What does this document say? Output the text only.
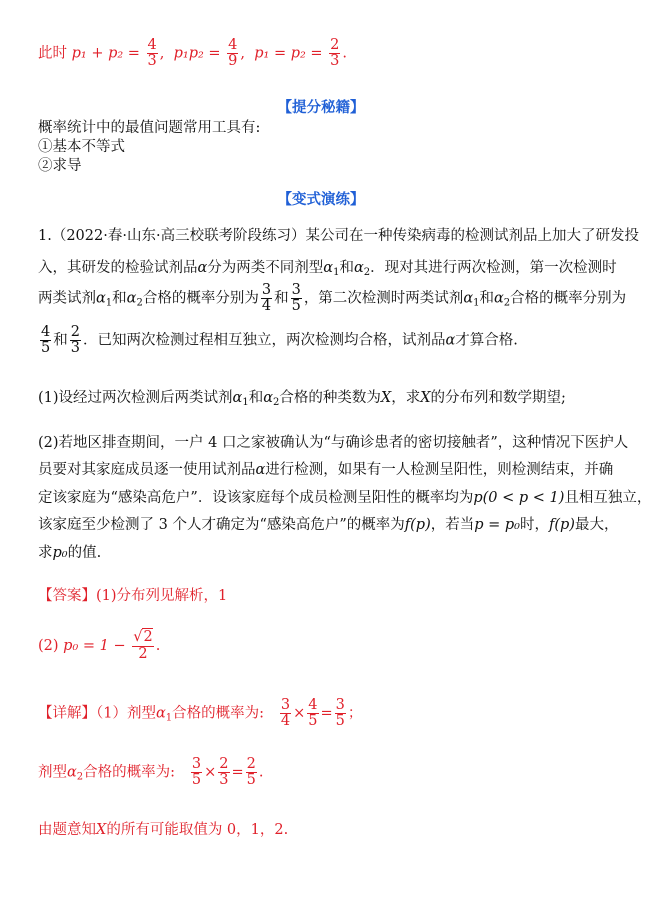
此时 $p_1 + p_2 = \frac{4}{3}$ ,  $p_1p_2 = \frac{4}{9}$ ,  $p_1 = p_2 = \frac{2}{3}$ .
【提分秘籍】
概率统计中的最值问题常用工具有:
①基本不等式
②求导
【变式演练】
1.（2022·春·山东·高三校联考阶段练习）某公司在一种传染病毒的检测试剂品上加大了研发投
入，其研发的检验试剂品α分为两类不同剂型$\alpha_1$和$\alpha_2$．现对其进行两次检测，第一次检测时
两类试剂$\alpha_1$和$\alpha_2$合格的概率分别为 $\frac{3}{4}$ 和 $\frac{3}{5}$ ，第二次检测时两类试剂$\alpha_1$和$\alpha_2$合格的概率分别为
$\frac{4}{5}$ 和 $\frac{2}{3}$ ．已知两次检测过程相互独立，两次检测均合格，试剂品α才算合格.
(1)设经过两次检测后两类试剂$\alpha_1$和$\alpha_2$合格的种类数为X，求X的分布列和数学期望;
(2)若地区排查期间，一户 4 口之家被确认为“与确诊患者的密切接触者”，这种情况下医护人
员要对其家庭成员逐一使用试剂品α进行检测，如果有一人检测呈阳性，则检测结束，并确
定该家庭为“感染高危户”．设该家庭每个成员检测呈阳性的概率均为p(0 < p < 1)且相互独立，
该家庭至少检测了 3 个人才确定为“感染高危户”的概率为f(p)，若当p = p₀时，f(p)最大，
求p₀的值.
【答案】(1)分布列见解析，1
(2) $p_0 = 1 - \frac{√2}{2}$ .
【详解】（1）剂型$\alpha_1$合格的概率为: $\frac{3}{4} \times \frac{4}{5} = \frac{3}{5}$ ；
剂型$\alpha_2$合格的概率为: $\frac{3}{5} \times \frac{2}{3} = \frac{2}{5}$ .
由题意知X的所有可能取值为 0，1，2.
